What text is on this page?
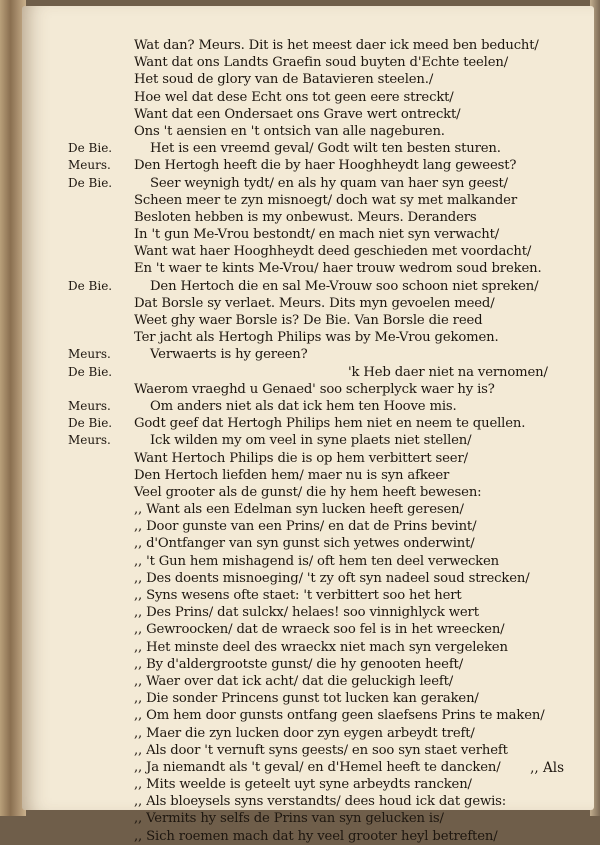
Wat dan? Meurs. Dit is het meest daer ick meed ben beducht/
Want dat ons Landts Graefin soud buyten d'Echte teelen/
Het soud de glory van de Batavieren steelen./
Hoe wel dat dese Echt ons tot geen eere streckt/
Want dat een Ondersaet ons Grave wert ontreckt/
Ons 't aensien en 't ontsich van alle nageburen.
De Bie.	Het is een vreemd geval/ Godt wilt ten besten sturen.
Meurs.	Den Hertogh heeft die by haer Hooghheydt lang geweest?
De Bie.	Seer weynigh tydt/ en als hy quam van haer syn geest/
Scheen meer te zyn misnoegt/ doch wat sy met malkander
Besloten hebben is my onbewust. Meurs. Deranders
In 't gun Me-Vrou bestondt/ en mach niet syn verwacht/
Want wat haer Hooghheydt deed geschieden met voordacht/
En 't waer te kints Me-Vrou/ haer trouw wedrom soud breken.
De Bie.	Den Hertoch die en sal Me-Vrouw soo schoon niet spreken/
Dat Borsle sy verlaet. Meurs. Dits myn gevoelen meed/
Weet ghy waer Borsle is? De Bie. Van Borsle die reed
Ter jacht als Hertogh Philips was by Me-Vrou gekomen.
Meurs.	Verwaerts is hy gereen?
De Bie.	'k Heb daer niet na vernomen/
Waerom vraeghd u Genaed' soo scherplyck waer hy is?
Meurs.	Om anders niet als dat ick hem ten Hoove mis.
De Bie.	Godt geef dat Hertogh Philips hem niet en neem te quellen.
Meurs.	Ick wilden my om veel in syne plaets niet stellen/
Want Hertoch Philips die is op hem verbittert seer/
Den Hertoch liefden hem/ maer nu is syn afkeer
Veel grooter als de gunst/ die hy hem heeft bewesen:
,, Want als een Edelman syn lucken heeft geresen/
,, Door gunste van een Prins/ en dat de Prins bevint/
,, d'Ontfanger van syn gunst sich yetwes onderwint/
,, 't Gun hem mishagend is/ oft hem ten deel verwecken
,, Des doents misnoeging/ 't zy oft syn nadeel soud strecken/
,, Syns wesens ofte staet: 't verbittert soo het hert
,, Des Prins/ dat sulckx/ helaes! soo vinnighlyck wert
,, Gewroocken/ dat de wraeck soo fel is in het wreecken/
,, Het minste deel des wraeckx niet mach syn vergeleken
,, By d'aldergrootste gunst/ die hy genooten heeft/
,, Waer over dat ick acht/ dat die geluckigh leeft/
,, Die sonder Princens gunst tot lucken kan geraken/
,, Om hem door gunsts ontfang geen slaefsens Prins te maken/
,, Maer die zyn lucken door zyn eygen arbeydt treft/
,, Als door 't vernuft syns geests/ en soo syn staet verheft
,, Ja niemandt als 't geval/ en d'Hemel heeft te dancken/
,, Mits weelde is geteelt uyt syne arbeydts rancken/
,, Als bloeysels syns verstandts/ dees houd ick dat gewis:
,, Vermits hy selfs de Prins van syn gelucken is/
,, Sich roemen mach dat hy veel grooter heyl betreften/
,, Als
